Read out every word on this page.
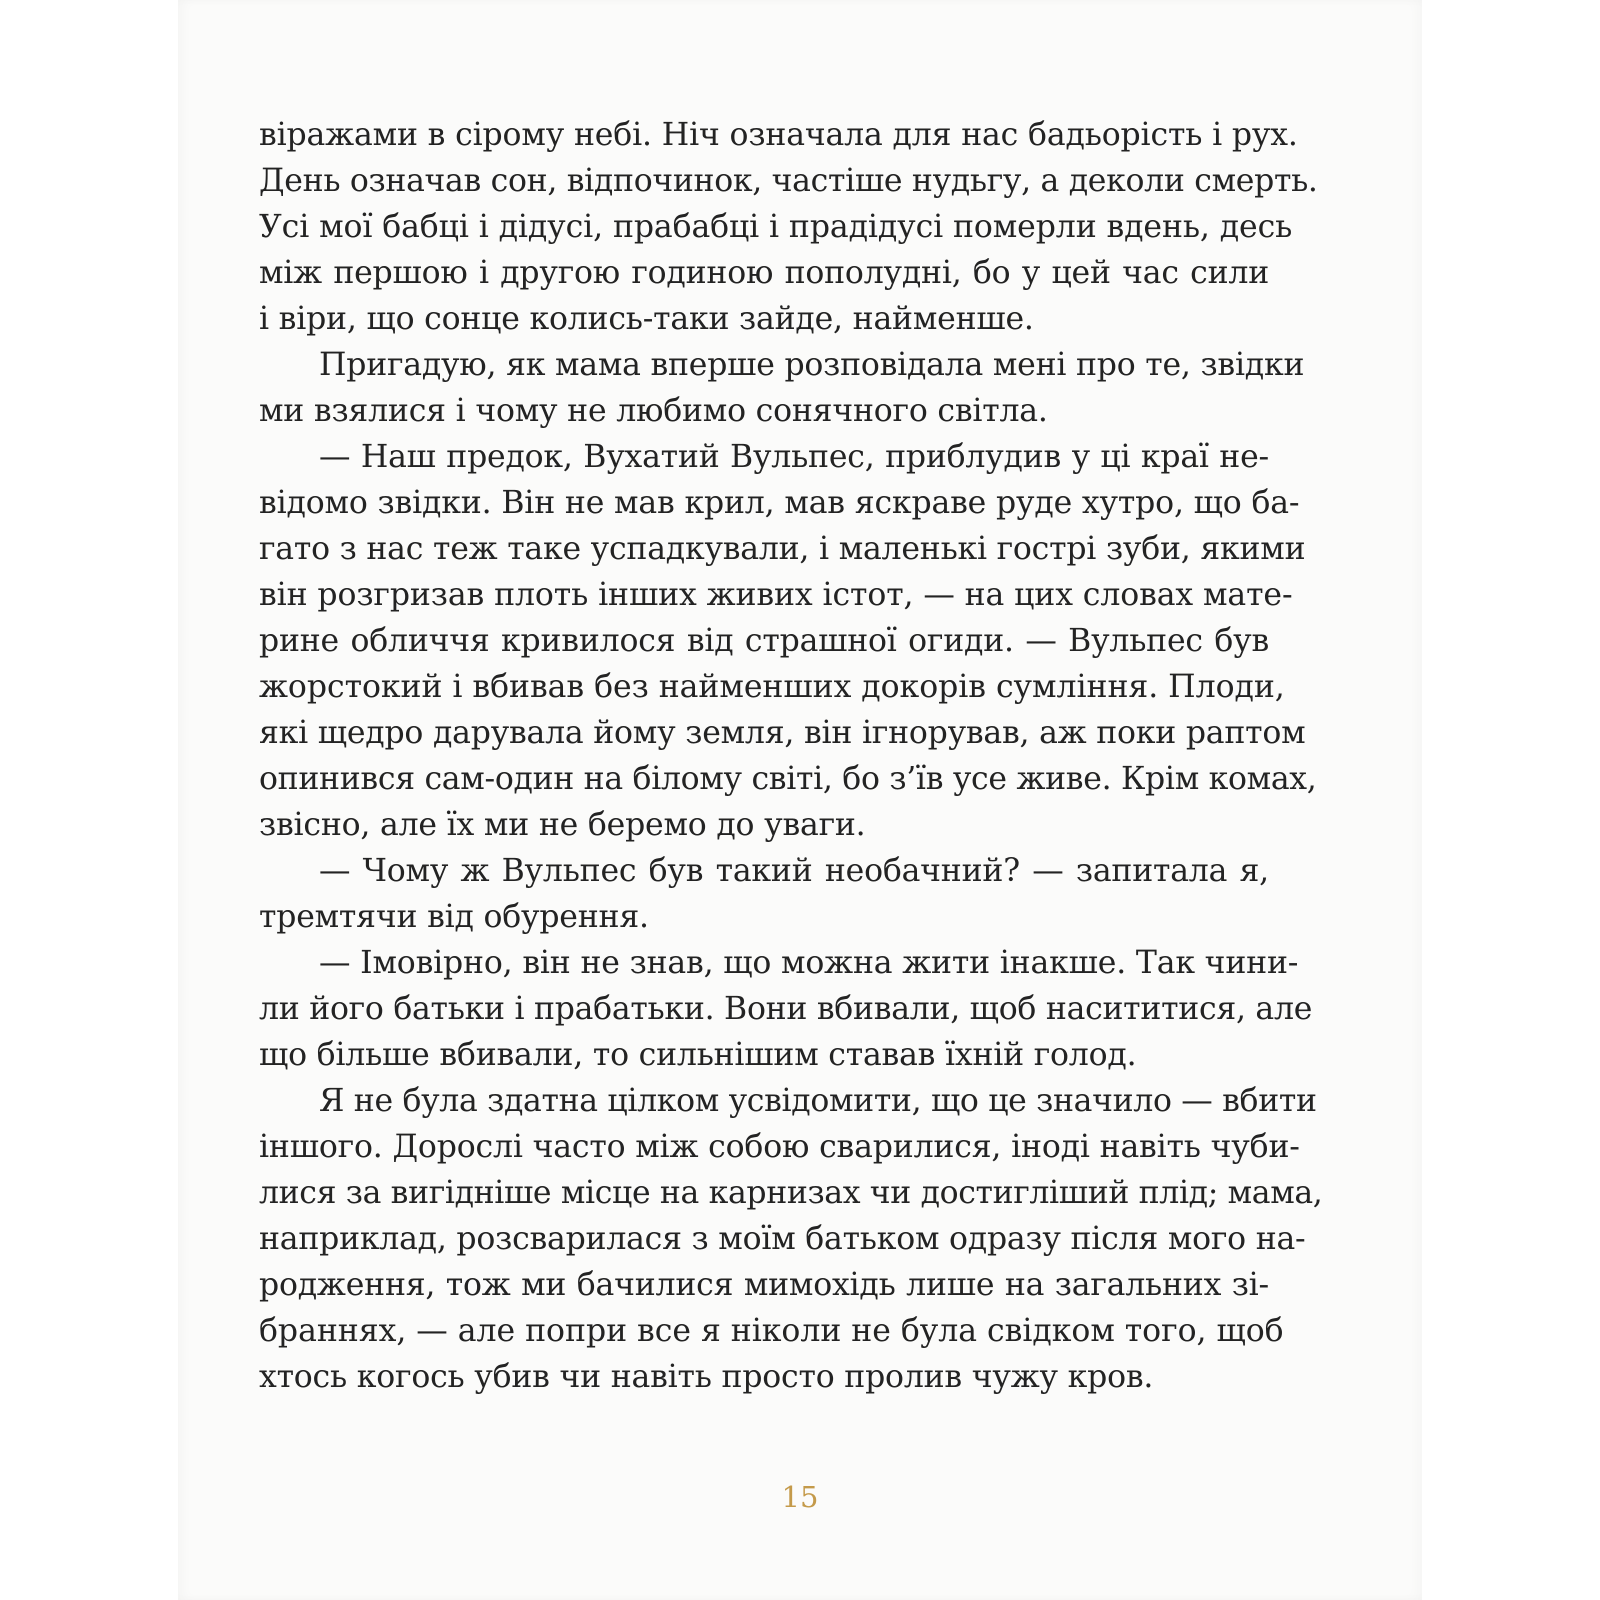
віражами в сірому небі. Ніч означала для нас бадьорість і рух.
День означав сон, відпочинок, частіше нудьгу, а деколи смерть.
Усі мої бабці і дідусі, прабабці і прадідусі померли вдень, десь
між першою і другою годиною пополудні, бо у цей час сили
і віри, що сонце колись-таки зайде, найменше.
Пригадую, як мама вперше розповідала мені про те, звідки
ми взялися і чому не любимо сонячного світла.
— Наш предок, Вухатий Вульпес, приблудив у ці краї не-
відомо звідки. Він не мав крил, мав яскраве руде хутро, що ба-
гато з нас теж таке успадкували, і маленькі гострі зуби, якими
він розгризав плоть інших живих істот, — на цих словах мате-
рине обличчя кривилося від страшної огиди. — Вульпес був
жорстокий і вбивав без найменших докорів сумління. Плоди,
які щедро дарувала йому земля, він ігнорував, аж поки раптом
опинився сам-один на білому світі, бо з’їв усе живе. Крім комах,
звісно, але їх ми не беремо до уваги.
— Чому ж Вульпес був такий необачний? — запитала я,
тремтячи від обурення.
— Імовірно, він не знав, що можна жити інакше. Так чини-
ли його батьки і прабатьки. Вони вбивали, щоб насититися, але
що більше вбивали, то сильнішим ставав їхній голод.
Я не була здатна цілком усвідомити, що це значило — вбити
іншого. Дорослі часто між собою сварилися, іноді навіть чуби-
лися за вигідніше місце на карнизах чи достигліший плід; мама,
наприклад, розсварилася з моїм батьком одразу після мого на-
родження, тож ми бачилися мимохідь лише на загальних зі-
браннях, — але попри все я ніколи не була свідком того, щоб
хтось когось убив чи навіть просто пролив чужу кров.
15
